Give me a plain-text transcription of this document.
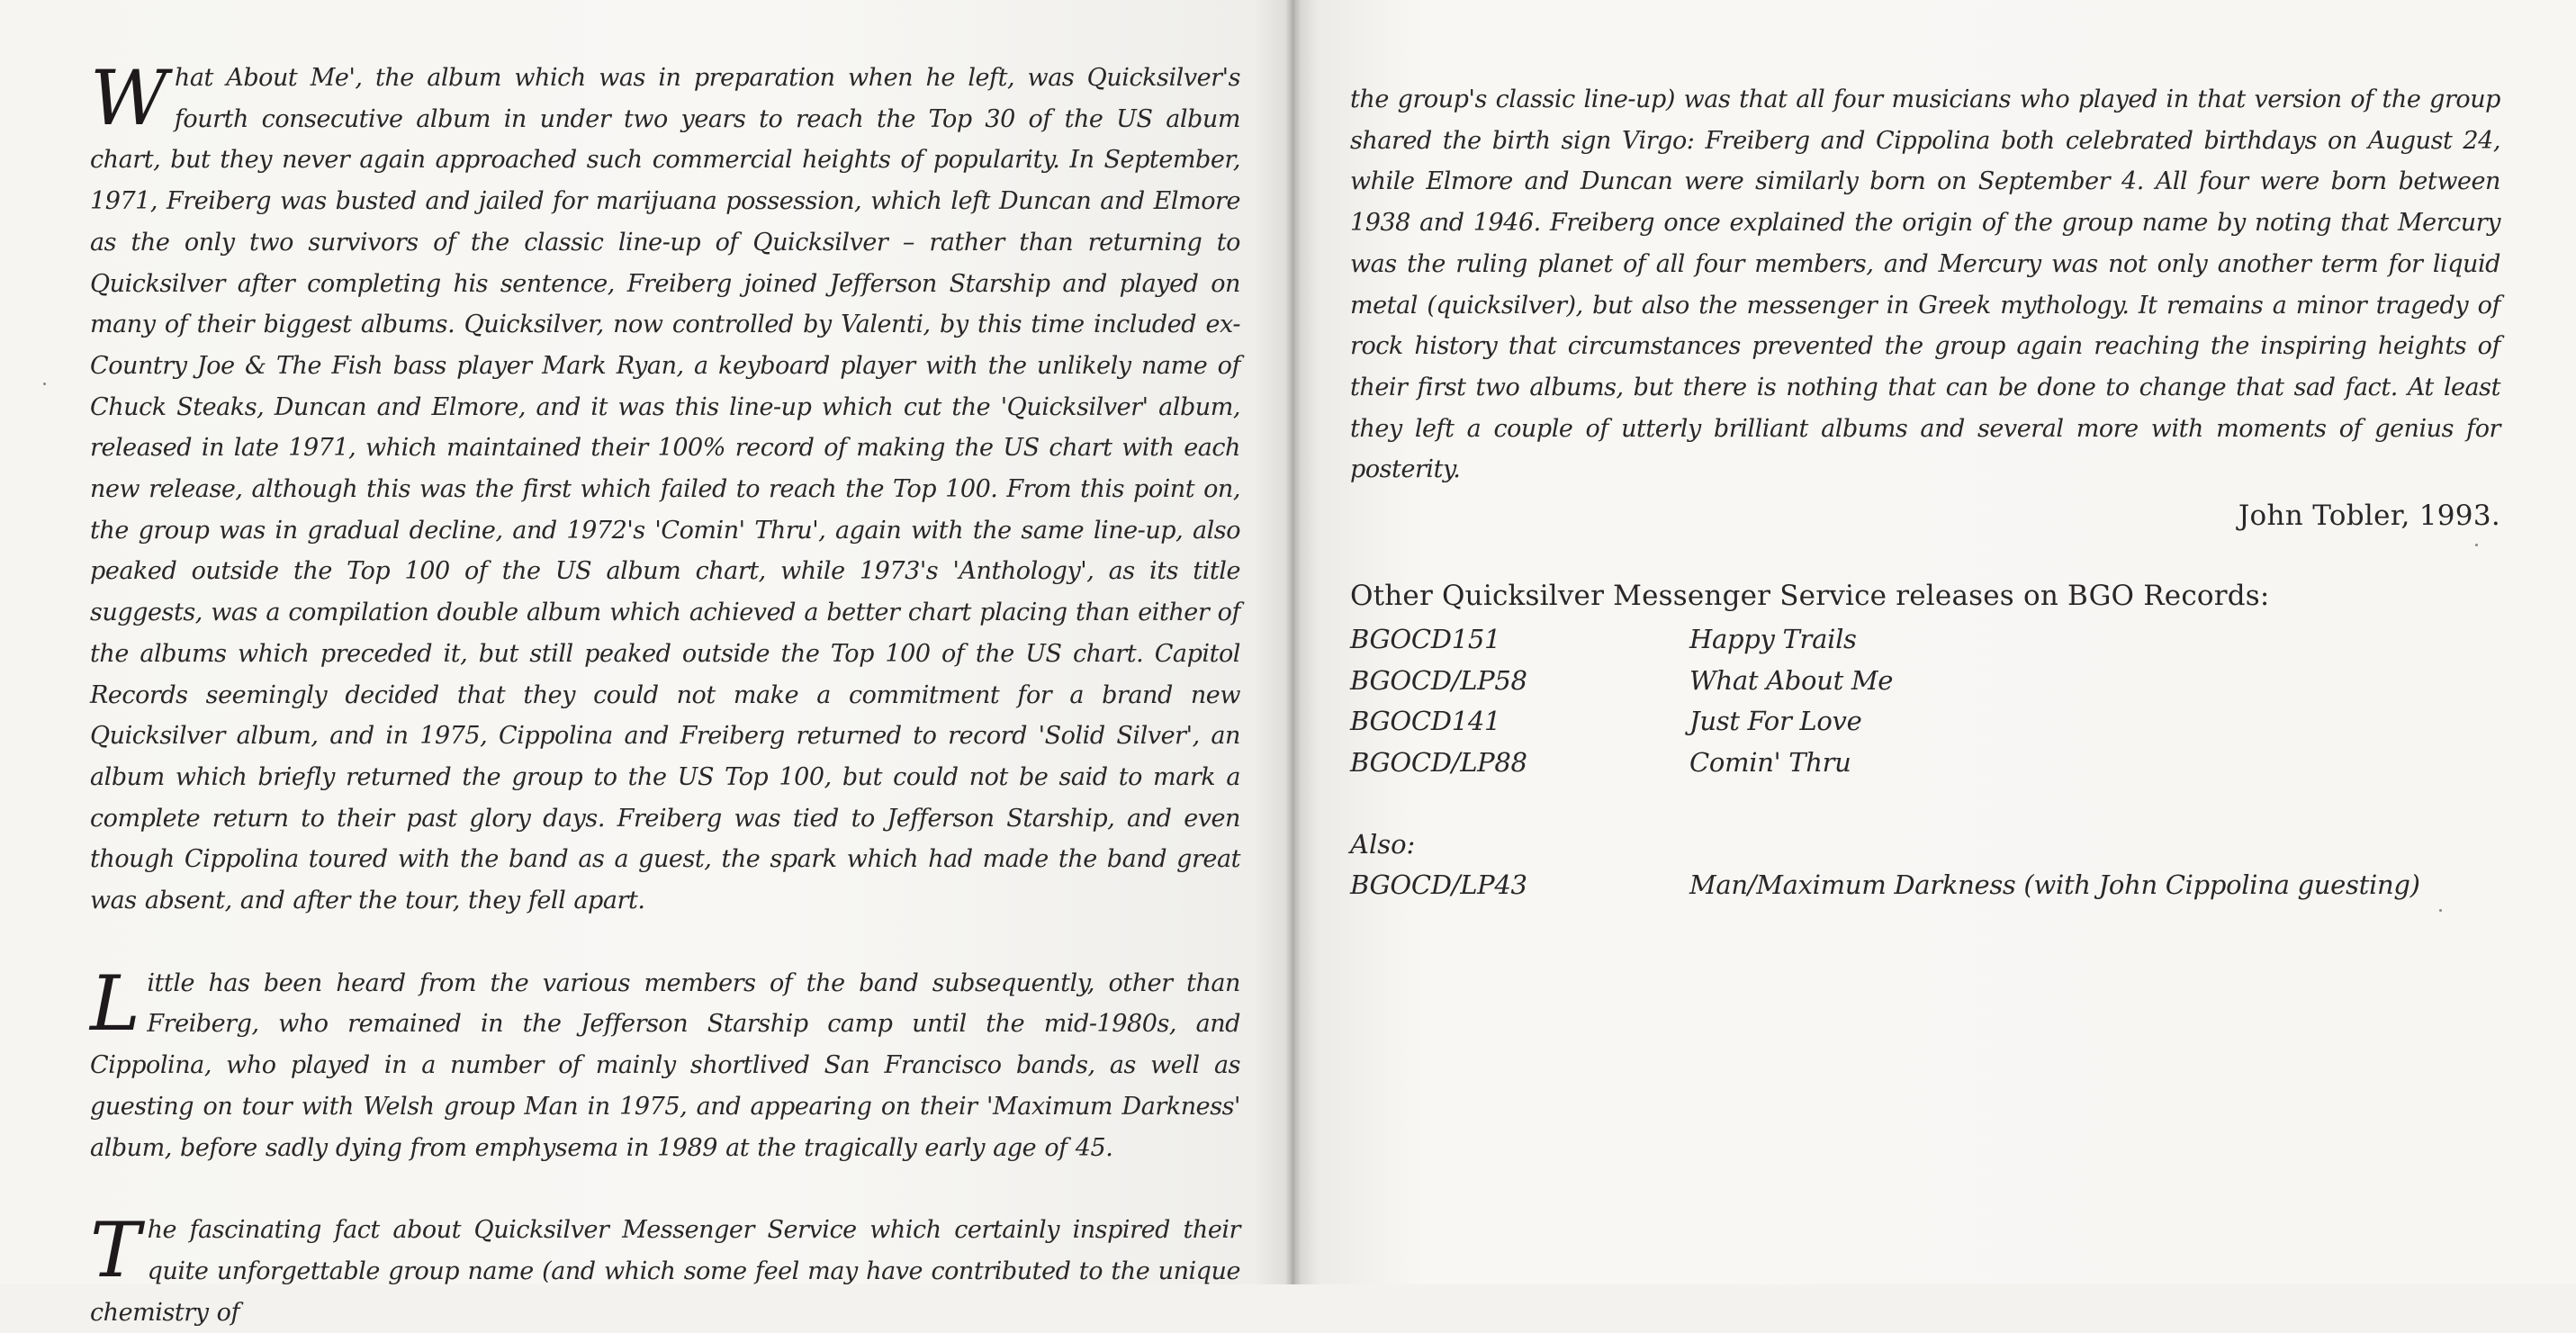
What About Me', the album which was in preparation when he left, was Quicksilver's fourth consecutive album in under two years to reach the Top 30 of the US album chart, but they never again approached such commercial heights of popularity. In September, 1971, Freiberg was busted and jailed for marijuana possession, which left Duncan and Elmore as the only two survivors of the classic line-up of Quicksilver – rather than returning to Quicksilver after completing his sentence, Freiberg joined Jefferson Starship and played on many of their biggest albums. Quicksilver, now controlled by Valenti, by this time included ex-Country Joe & The Fish bass player Mark Ryan, a keyboard player with the unlikely name of Chuck Steaks, Duncan and Elmore, and it was this line-up which cut the 'Quicksilver' album, released in late 1971, which maintained their 100% record of making the US chart with each new release, although this was the first which failed to reach the Top 100. From this point on, the group was in gradual decline, and 1972's 'Comin' Thru', again with the same line-up, also peaked outside the Top 100 of the US album chart, while 1973's 'Anthology', as its title suggests, was a compilation double album which achieved a better chart placing than either of the albums which preceded it, but still peaked outside the Top 100 of the US chart. Capitol Records seemingly decided that they could not make a commitment for a brand new Quicksilver album, and in 1975, Cippolina and Freiberg returned to record 'Solid Silver', an album which briefly returned the group to the US Top 100, but could not be said to mark a complete return to their past glory days. Freiberg was tied to Jefferson Starship, and even though Cippolina toured with the band as a guest, the spark which had made the band great was absent, and after the tour, they fell apart.

Little has been heard from the various members of the band subsequently, other than Freiberg, who remained in the Jefferson Starship camp until the mid-1980s, and Cippolina, who played in a number of mainly shortlived San Francisco bands, as well as guesting on tour with Welsh group Man in 1975, and appearing on their 'Maximum Darkness' album, before sadly dying from emphysema in 1989 at the tragically early age of 45.

The fascinating fact about Quicksilver Messenger Service which certainly inspired their quite unforgettable group name (and which some feel may have contributed to the unique chemistry of

the group's classic line-up) was that all four musicians who played in that version of the group shared the birth sign Virgo: Freiberg and Cippolina both celebrated birthdays on August 24, while Elmore and Duncan were similarly born on September 4. All four were born between 1938 and 1946. Freiberg once explained the origin of the group name by noting that Mercury was the ruling planet of all four members, and Mercury was not only another term for liquid metal (quicksilver), but also the messenger in Greek mythology. It remains a minor tragedy of rock history that circumstances prevented the group again reaching the inspiring heights of their first two albums, but there is nothing that can be done to change that sad fact. At least they left a couple of utterly brilliant albums and several more with moments of genius for posterity.

John Tobler, 1993.

Other Quicksilver Messenger Service releases on BGO Records:
BGOCD151	Happy Trails
BGOCD/LP58	What About Me
BGOCD141	Just For Love
BGOCD/LP88	Comin' Thru
Also:
BGOCD/LP43	Man/Maximum Darkness (with John Cippolina guesting)
